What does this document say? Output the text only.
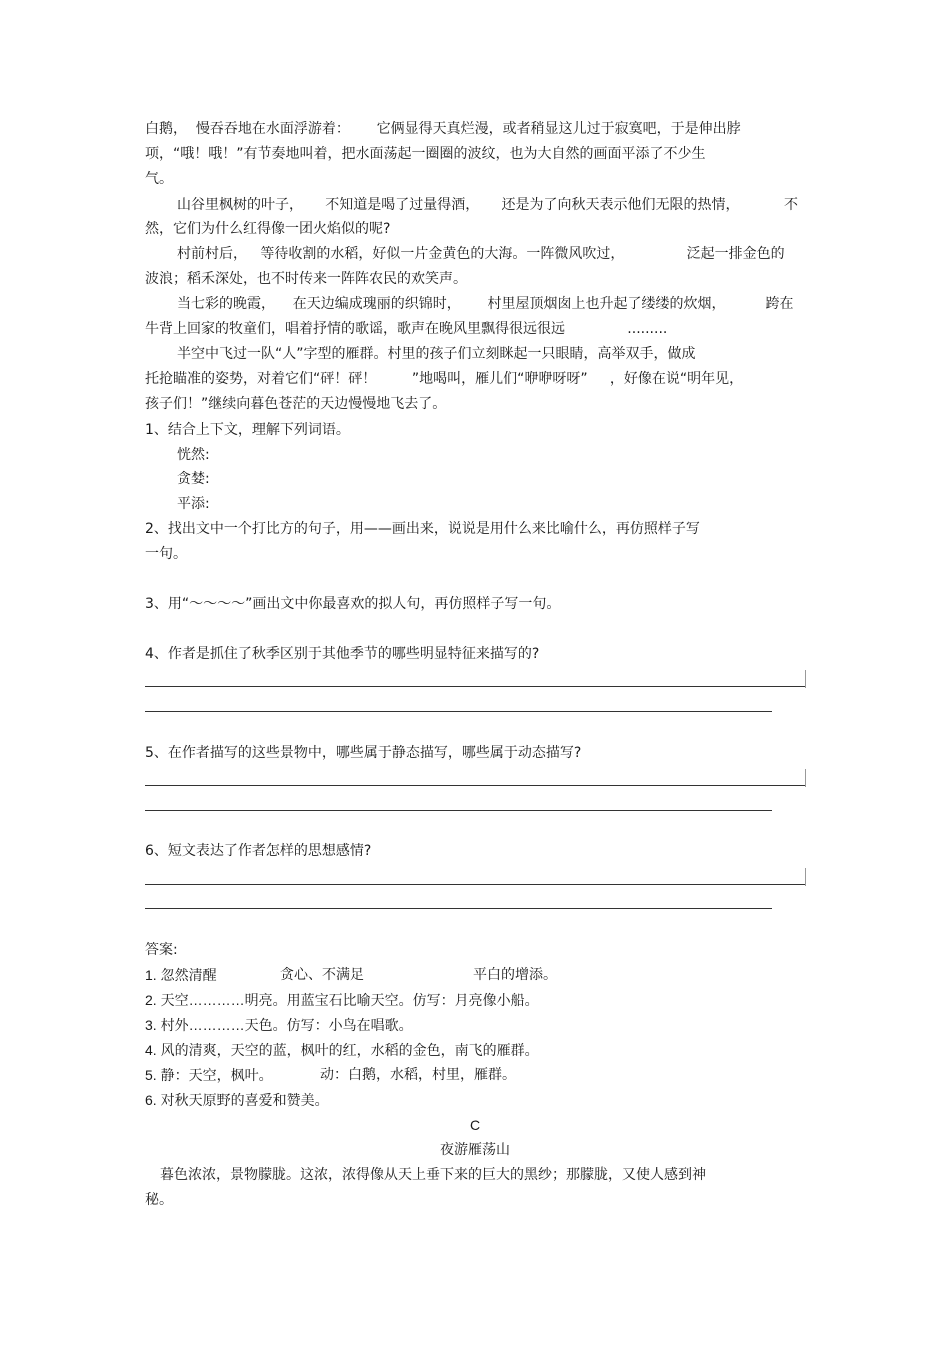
白鹅，  慢吞吞地在水面浮游着：      它俩显得天真烂漫，或者稍显这儿过于寂寞吧，于是伸出脖
项，“哦！哦！”有节奏地叫着，把水面荡起一圈圈的波纹，也为大自然的画面平添了不少生
气。
山谷里枫树的叶子，     不知道是喝了过量得酒，     还是为了向秋天表示他们无限的热情，          不
然，它们为什么红得像一团火焰似的呢?
村前村后，   等待收割的水稻，好似一片金黄色的大海。一阵微风吹过，              泛起一排金色的
波浪；稻禾深处，也不时传来一阵阵农民的欢笑声。
当七彩的晚霞，    在天边编成瑰丽的织锦时，      村里屋顶烟囱上也升起了缕缕的炊烟，         跨在
牛背上回家的牧童们，唱着抒情的歌谣，歌声在晚风里飘得很远很远              .........
半空中飞过一队“人”字型的雁群。村里的孩子们立刻眯起一只眼睛，高举双手，做成
托抢瞄准的姿势，对着它们“砰！砰！        ”地喝叫，雁儿们“咿咿呀呀”     ，好像在说“明年见，
孩子们！”继续向暮色苍茫的天边慢慢地飞去了。
1、结合上下文，理解下列词语。
恍然:
贪婪:
平添:
2、找出文中一个打比方的句子，用——画出来，说说是用什么来比喻什么，再仿照样子写
一句。
3、用“～～～～”画出文中你最喜欢的拟人句，再仿照样子写一句。
4、作者是抓住了秋季区别于其他季节的哪些明显特征来描写的?
5、在作者描写的这些景物中，哪些属于静态描写，哪些属于动态描写?
6、短文表达了作者怎样的思想感情?
答案:
1. 忽然清醒	贪心、不满足	平白的增添。
2. 天空…………明亮。用蓝宝石比喻天空。仿写：月亮像小船。
3. 村外…………天色。仿写：小鸟在唱歌。
4. 风的清爽，天空的蓝，枫叶的红，水稻的金色，南飞的雁群。
5. 静：天空，枫叶。	动：白鹅，水稻，村里，雁群。
6. 对秋天原野的喜爱和赞美。
C
夜游雁荡山
暮色浓浓，景物朦胧。这浓，浓得像从天上垂下来的巨大的黑纱；那朦胧，又使人感到神
秘。
